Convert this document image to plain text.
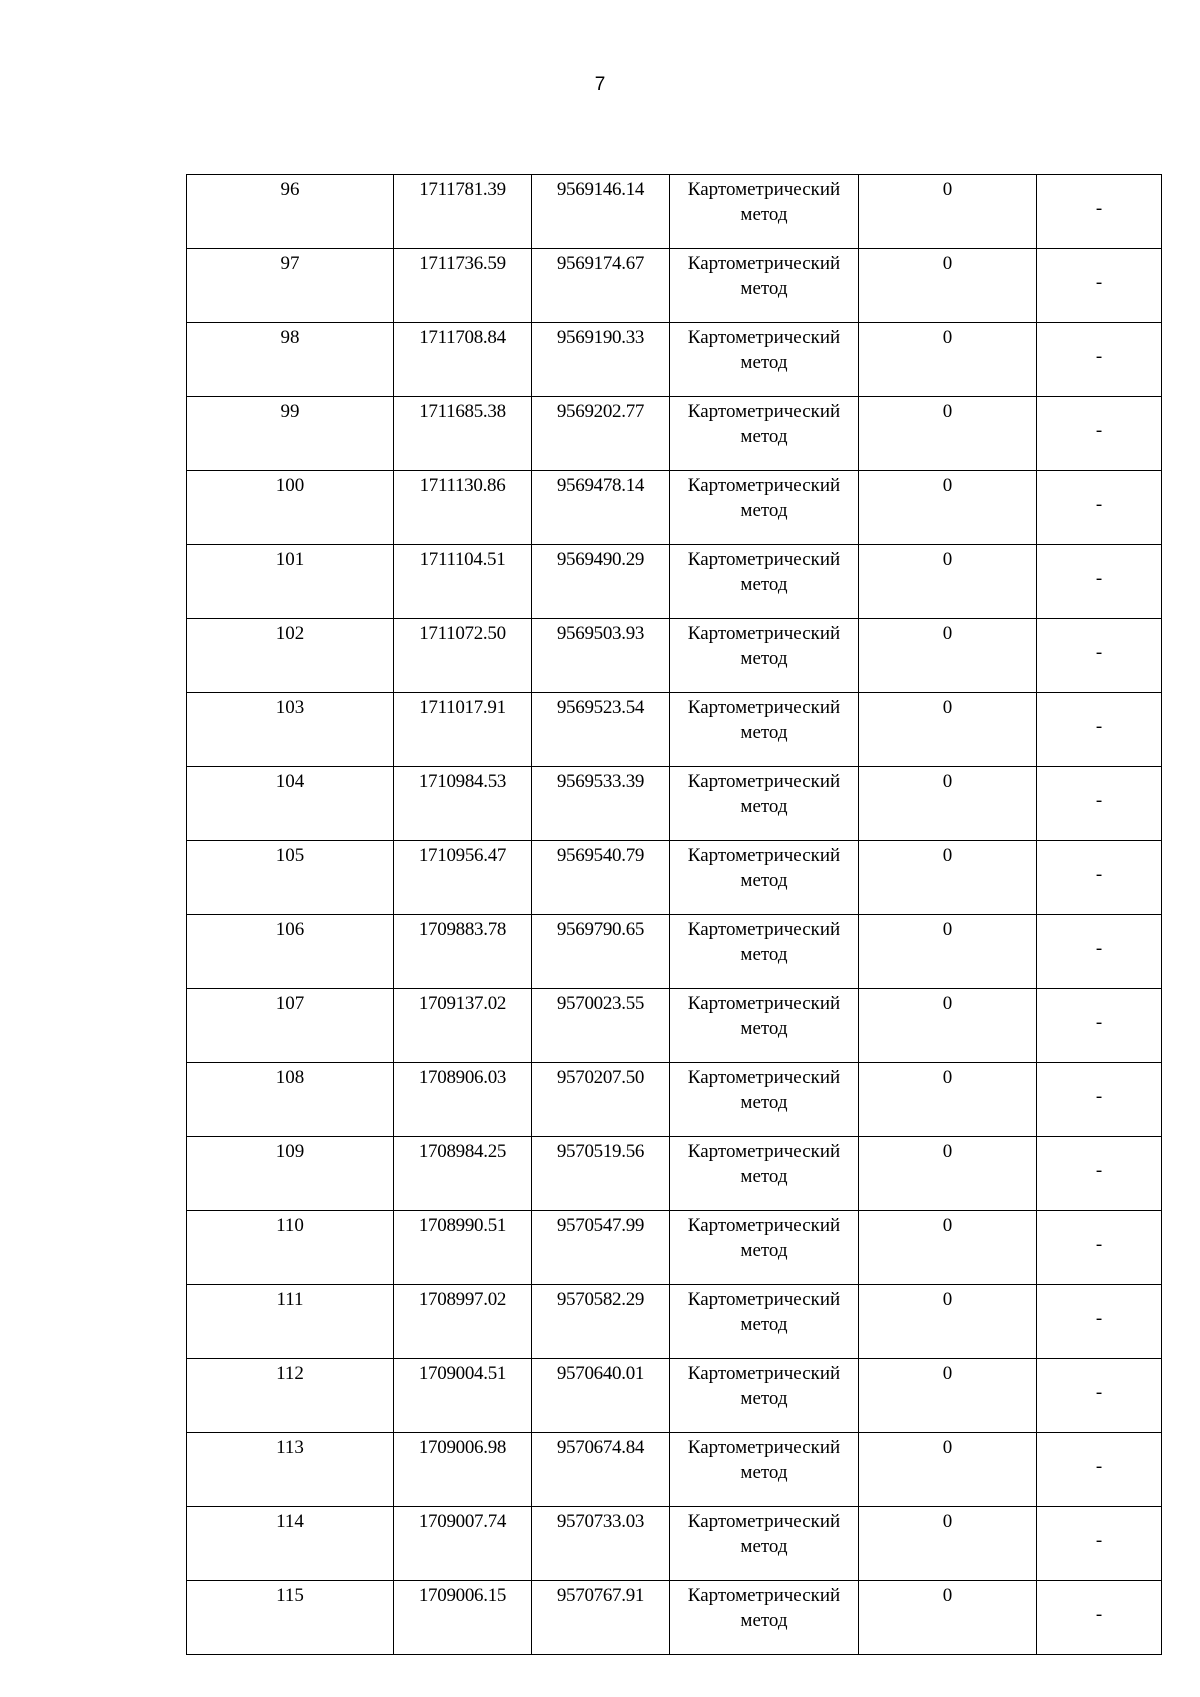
7
96	1711781.39	9569146.14	Картометрический метод	0	-
97	1711736.59	9569174.67	Картометрический метод	0	-
98	1711708.84	9569190.33	Картометрический метод	0	-
99	1711685.38	9569202.77	Картометрический метод	0	-
100	1711130.86	9569478.14	Картометрический метод	0	-
101	1711104.51	9569490.29	Картометрический метод	0	-
102	1711072.50	9569503.93	Картометрический метод	0	-
103	1711017.91	9569523.54	Картометрический метод	0	-
104	1710984.53	9569533.39	Картометрический метод	0	-
105	1710956.47	9569540.79	Картометрический метод	0	-
106	1709883.78	9569790.65	Картометрический метод	0	-
107	1709137.02	9570023.55	Картометрический метод	0	-
108	1708906.03	9570207.50	Картометрический метод	0	-
109	1708984.25	9570519.56	Картометрический метод	0	-
110	1708990.51	9570547.99	Картометрический метод	0	-
111	1708997.02	9570582.29	Картометрический метод	0	-
112	1709004.51	9570640.01	Картометрический метод	0	-
113	1709006.98	9570674.84	Картометрический метод	0	-
114	1709007.74	9570733.03	Картометрический метод	0	-
115	1709006.15	9570767.91	Картометрический метод	0	-
